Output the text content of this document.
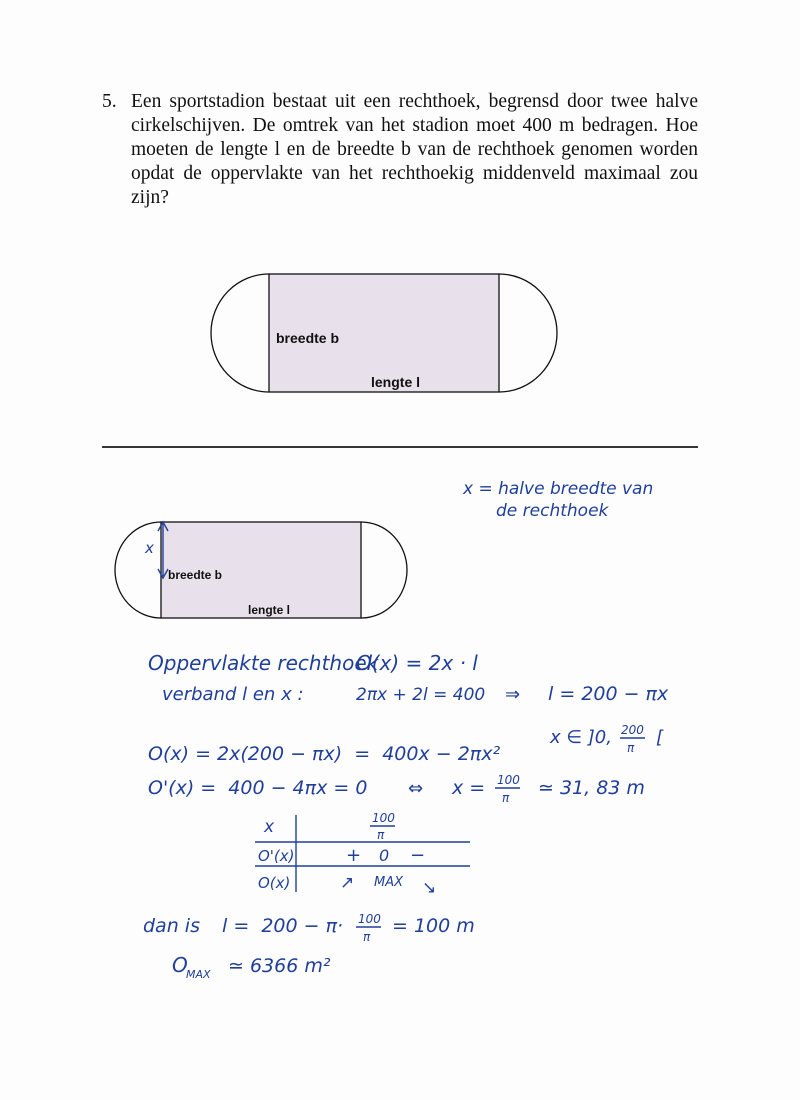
5. Een sportstadion bestaat uit een rechthoek, begrensd door twee halve cirkelschijven. De omtrek van het stadion moet 400 m bedragen. Hoe moeten de lengte l en de breedte b van de rechthoek genomen worden opdat de oppervlakte van het rechthoekig middenveld maximaal zou zijn?
breedte b
lengte l
x = halve breedte van
de rechthoek
x
breedte b
lengte l
Oppervlakte rechthoek
O(x) = 2x · l
verband l en x :	2πx + 2l = 400 ⇒ l = 200 − πx
x ∈ ]0, 200
π [
O(x) = 2x(200 − πx)  =  400x − 2πx²
O'(x) =  400 − 4πx = 0 ⇔ x = 100
π ≃ 31, 83 m
x	100
π
O'(x)	+ 0 −
O(x)	↗ MAX ↘
dan is l =  200 − π· 100
π = 100 m
O
MAX ≃ 6366 m²
